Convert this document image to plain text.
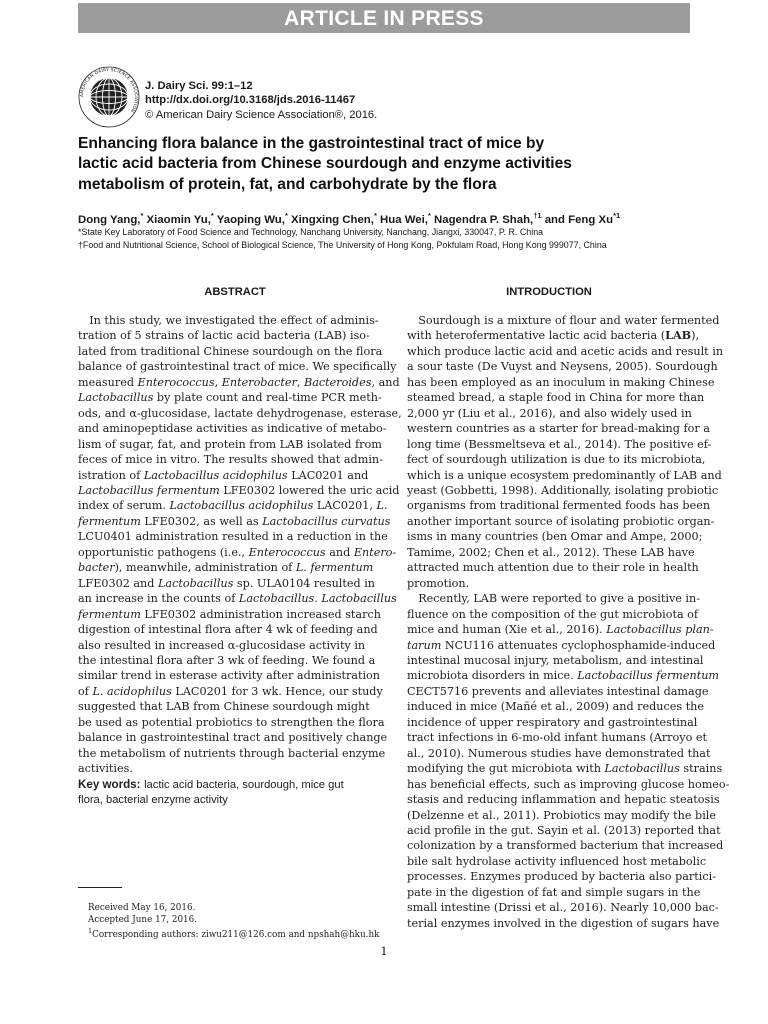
ARTICLE IN PRESS
AMERICAN DAIRY SCIENCE ASSOCIATION
J. Dairy Sci. 99:1–12
http://dx.doi.org/10.3168/jds.2016-11467
© American Dairy Science Association®, 2016.
Enhancing flora balance in the gastrointestinal tract of mice by
lactic acid bacteria from Chinese sourdough and enzyme activities
metabolism of protein, fat, and carbohydrate by the flora
Dong Yang,* Xiaomin Yu,* Yaoping Wu,* Xingxing Chen,* Hua Wei,* Nagendra P. Shah,$^{\dagger 1}$ and Feng Xu$^{*1}$
*State Key Laboratory of Food Science and Technology, Nanchang University, Nanchang, Jiangxi, 330047, P. R. China
†Food and Nutritional Science, School of Biological Science, The University of Hong Kong, Pokfulam Road, Hong Kong 999077, China
ABSTRACT	INTRODUCTION
 In this study, we investigated the effect of adminis-
tration of 5 strains of lactic acid bacteria (LAB) iso-
lated from traditional Chinese sourdough on the flora
balance of gastrointestinal tract of mice. We specifically
measured Enterococcus, Enterobacter, Bacteroides, and
Lactobacillus by plate count and real-time PCR meth-
ods, and α-glucosidase, lactate dehydrogenase, esterase,
and aminopeptidase activities as indicative of metabo-
lism of sugar, fat, and protein from LAB isolated from
feces of mice in vitro. The results showed that admin-
istration of Lactobacillus acidophilus LAC0201 and
Lactobacillus fermentum LFE0302 lowered the uric acid
index of serum. Lactobacillus acidophilus LAC0201, L.
fermentum LFE0302, as well as Lactobacillus curvatus
LCU0401 administration resulted in a reduction in the
opportunistic pathogens (i.e., Enterococcus and Entero-
bacter), meanwhile, administration of L. fermentum
LFE0302 and Lactobacillus sp. ULA0104 resulted in
an increase in the counts of Lactobacillus. Lactobacillus
fermentum LFE0302 administration increased starch
digestion of intestinal flora after 4 wk of feeding and
also resulted in increased α-glucosidase activity in
the intestinal flora after 3 wk of feeding. We found a
similar trend in esterase activity after administration
of L. acidophilus LAC0201 for 3 wk. Hence, our study
suggested that LAB from Chinese sourdough might
be used as potential probiotics to strengthen the flora
balance in gastrointestinal tract and positively change
the metabolism of nutrients through bacterial enzyme
activities.
Key words: lactic acid bacteria, sourdough, mice gut
flora, bacterial enzyme activity
 Sourdough is a mixture of flour and water fermented
with heterofermentative lactic acid bacteria (LAB),
which produce lactic acid and acetic acids and result in
a sour taste (De Vuyst and Neysens, 2005). Sourdough
has been employed as an inoculum in making Chinese
steamed bread, a staple food in China for more than
2,000 yr (Liu et al., 2016), and also widely used in
western countries as a starter for bread-making for a
long time (Bessmeltseva et al., 2014). The positive ef-
fect of sourdough utilization is due to its microbiota,
which is a unique ecosystem predominantly of LAB and
yeast (Gobbetti, 1998). Additionally, isolating probiotic
organisms from traditional fermented foods has been
another important source of isolating probiotic organ-
isms in many countries (ben Omar and Ampe, 2000;
Tamime, 2002; Chen et al., 2012). These LAB have
attracted much attention due to their role in health
promotion.
 Recently, LAB were reported to give a positive in-
fluence on the composition of the gut microbiota of
mice and human (Xie et al., 2016). Lactobacillus plan-
tarum NCU116 attenuates cyclophosphamide-induced
intestinal mucosal injury, metabolism, and intestinal
microbiota disorders in mice. Lactobacillus fermentum
CECT5716 prevents and alleviates intestinal damage
induced in mice (Mañé et al., 2009) and reduces the
incidence of upper respiratory and gastrointestinal
tract infections in 6-mo-old infant humans (Arroyo et
al., 2010). Numerous studies have demonstrated that
modifying the gut microbiota with Lactobacillus strains
has beneficial effects, such as improving glucose homeo-
stasis and reducing inflammation and hepatic steatosis
(Delzenne et al., 2011). Probiotics may modify the bile
acid profile in the gut. Sayin et al. (2013) reported that
colonization by a transformed bacterium that increased
bile salt hydrolase activity influenced host metabolic
processes. Enzymes produced by bacteria also partici-
pate in the digestion of fat and simple sugars in the
small intestine (Drissi et al., 2016). Nearly 10,000 bac-
terial enzymes involved in the digestion of sugars have
Received May 16, 2016.
Accepted June 17, 2016.
$^1$Corresponding authors: ziwu211@126.com and npshah@hku.hk
1
